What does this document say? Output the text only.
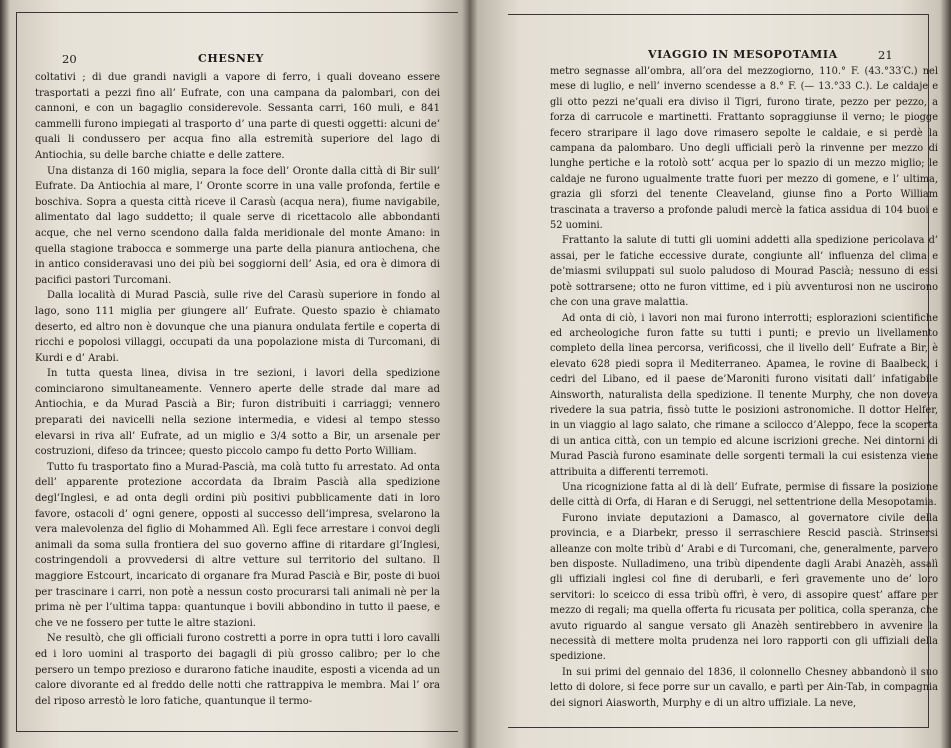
20	CHESNEY

coltativi ; di due grandi navigli a vapore di ferro, i quali doveano essere trasportati a pezzi fino all’ Eufrate, con una campana da palombari, con dei cannoni, e con un bagaglio considerevole. Sessanta carri, 160 muli, e 841 cammelli furono impiegati al trasporto d’ una parte di questi oggetti: alcuni de’ quali li condussero per acqua fino alla estremità superiore del lago di Antiochia, su delle barche chiatte e delle zattere.

Una distanza di 160 miglia, separa la foce dell’ Oronte dalla città di Bir sull’ Eufrate. Da Antiochia al mare, l’ Oronte scorre in una valle profonda, fertile e boschiva. Sopra a questa città riceve il Carasù (acqua nera), fiume navigabile, alimentato dal lago suddetto; il quale serve di ricettacolo alle abbondanti acque, che nel verno scendono dalla falda meridionale del monte Amano: in quella stagione trabocca e sommerge una parte della pianura antiochena, che in antico consideravasi uno dei più bei soggiorni dell’ Asia, ed ora è dimora di pacifici pastori Turcomani.

Dalla località di Murad Pascià, sulle rive del Carasù superiore in fondo al lago, sono 111 miglia per giungere all’ Eufrate. Questo spazio è chiamato deserto, ed altro non è dovunque che una pianura ondulata fertile e coperta di ricchi e popolosi villaggi, occupati da una popolazione mista di Turcomani, di Kurdi e d’ Arabi.

In tutta questa linea, divisa in tre sezioni, i lavori della spedizione cominciarono simultaneamente. Vennero aperte delle strade dal mare ad Antiochia, e da Murad Pascià a Bir; furon distribuiti i carriaggi; vennero preparati dei navicelli nella sezione intermedia, e videsi al tempo stesso elevarsi in riva all’ Eufrate, ad un miglio e 3/4 sotto a Bir, un arsenale per costruzioni, difeso da trincee; questo piccolo campo fu detto Porto William.

Tutto fu trasportato fino a Murad-Pascià, ma colà tutto fu arrestato. Ad onta dell’ apparente protezione accordata da Ibraim Pascià alla spedizione degl’Inglesi, e ad onta degli ordini più positivi pubblicamente dati in loro favore, ostacoli d’ ogni genere, opposti al successo dell’impresa, svelarono la vera malevolenza del figlio di Mohammed Alì. Egli fece arrestare i convoi degli animali da soma sulla frontiera del suo governo affine di ritardare gl’Inglesi, costringendoli a provvedersi di altre vetture sul territorio del sultano. Il maggiore Estcourt, incaricato di organare fra Murad Pascià e Bir, poste di buoi per trascinare i carri, non potè a nessun costo procurarsi tali animali nè per la prima nè per l’ultima tappa: quantunque i bovili abbondino in tutto il paese, e che ve ne fossero per tutte le altre stazioni.

Ne resultò, che gli officiali furono costretti a porre in opra tutti i loro cavalli ed i loro uomini al trasporto dei bagagli di più grosso calibro; per lo che persero un tempo prezioso e durarono fatiche inaudite, esposti a vicenda ad un calore divorante ed al freddo delle notti che rattrappiva le membra. Mai l’ ora del riposo arrestò le loro fatiche, quantunque il termo-

VIAGGIO IN MESOPOTAMIA	21

metro segnasse all’ombra, all’ora del mezzogiorno, 110.° F. (43.°33′C.) nel mese di luglio, e nell’ inverno scendesse a 8.° F. (— 13.°33 C.). Le caldaje e gli otto pezzi ne’quali era diviso il Tigri, furono tirate, pezzo per pezzo, a forza di carrucole e martinetti. Frattanto sopraggiunse il verno; le piogge fecero straripare il lago dove rimasero sepolte le caldaie, e si perdè la campana da palombaro. Uno degli ufficiali però la rinvenne per mezzo di lunghe pertiche e la rotolò sott’ acqua per lo spazio di un mezzo miglio; le caldaje ne furono ugualmente tratte fuori per mezzo di gomene, e l’ ultima, grazia gli sforzi del tenente Cleaveland, giunse fino a Porto William trascinata a traverso a profonde paludi mercè la fatica assidua di 104 buoi e 52 uomini.

Frattanto la salute di tutti gli uomini addetti alla spedizione pericolava d’ assai, per le fatiche eccessive durate, congiunte all’ influenza del clima e de’miasmi sviluppati sul suolo paludoso di Mourad Pascià; nessuno di essi potè sottrarsene; otto ne furon vittime, ed i più avventurosi non ne uscirono che con una grave malattia.

Ad onta di ciò, i lavori non mai furono interrotti; esplorazioni scientifiche ed archeologiche furon fatte su tutti i punti; e previo un livellamento completo della linea percorsa, verificossi, che il livello dell’ Eufrate a Bir, è elevato 628 piedi sopra il Mediterraneo. Apamea, le rovine di Baalbeck, i cedri del Libano, ed il paese de’Maroniti furono visitati dall’ infatigabile Ainsworth, naturalista della spedizione. Il tenente Murphy, che non doveva rivedere la sua patria, fissò tutte le posizioni astronomiche. Il dottor Helfer, in un viaggio al lago salato, che rimane a scilocco d’Aleppo, fece la scoperta di un antica città, con un tempio ed alcune iscrizioni greche. Nei dintorni di Murad Pascià furono esaminate delle sorgenti termali la cui esistenza viene attribuita a differenti terremoti.

Una ricognizione fatta al di là dell’ Eufrate, permise di fissare la posizione delle città di Orfa, di Haran e di Seruggi, nel settentrione della Mesopotamia.

Furono inviate deputazioni a Damasco, al governatore civile della provincia, e a Diarbekr, presso il serraschiere Rescid pascià. Strinsersi alleanze con molte tribù d’ Arabi e di Turcomani, che, generalmente, parvero ben disposte. Nulladimeno, una tribù dipendente dagli Arabi Anazèh, assalì gli uffiziali inglesi col fine di derubarli, e ferì gravemente uno de’ loro servitori: lo sceicco di essa tribù offrì, è vero, di assopire quest’ affare per mezzo di regali; ma quella offerta fu ricusata per politica, colla speranza, che avuto riguardo al sangue versato gli Anazèh sentirebbero in avvenire la necessità di mettere molta prudenza nei loro rapporti con gli uffiziali della spedizione.

In sui primi del gennaio del 1836, il colonnello Chesney abbandonò il suo letto di dolore, si fece porre sur un cavallo, e partì per Ain-Tab, in compagnia dei signori Aiasworth, Murphy e di un altro uffiziale. La neve,
